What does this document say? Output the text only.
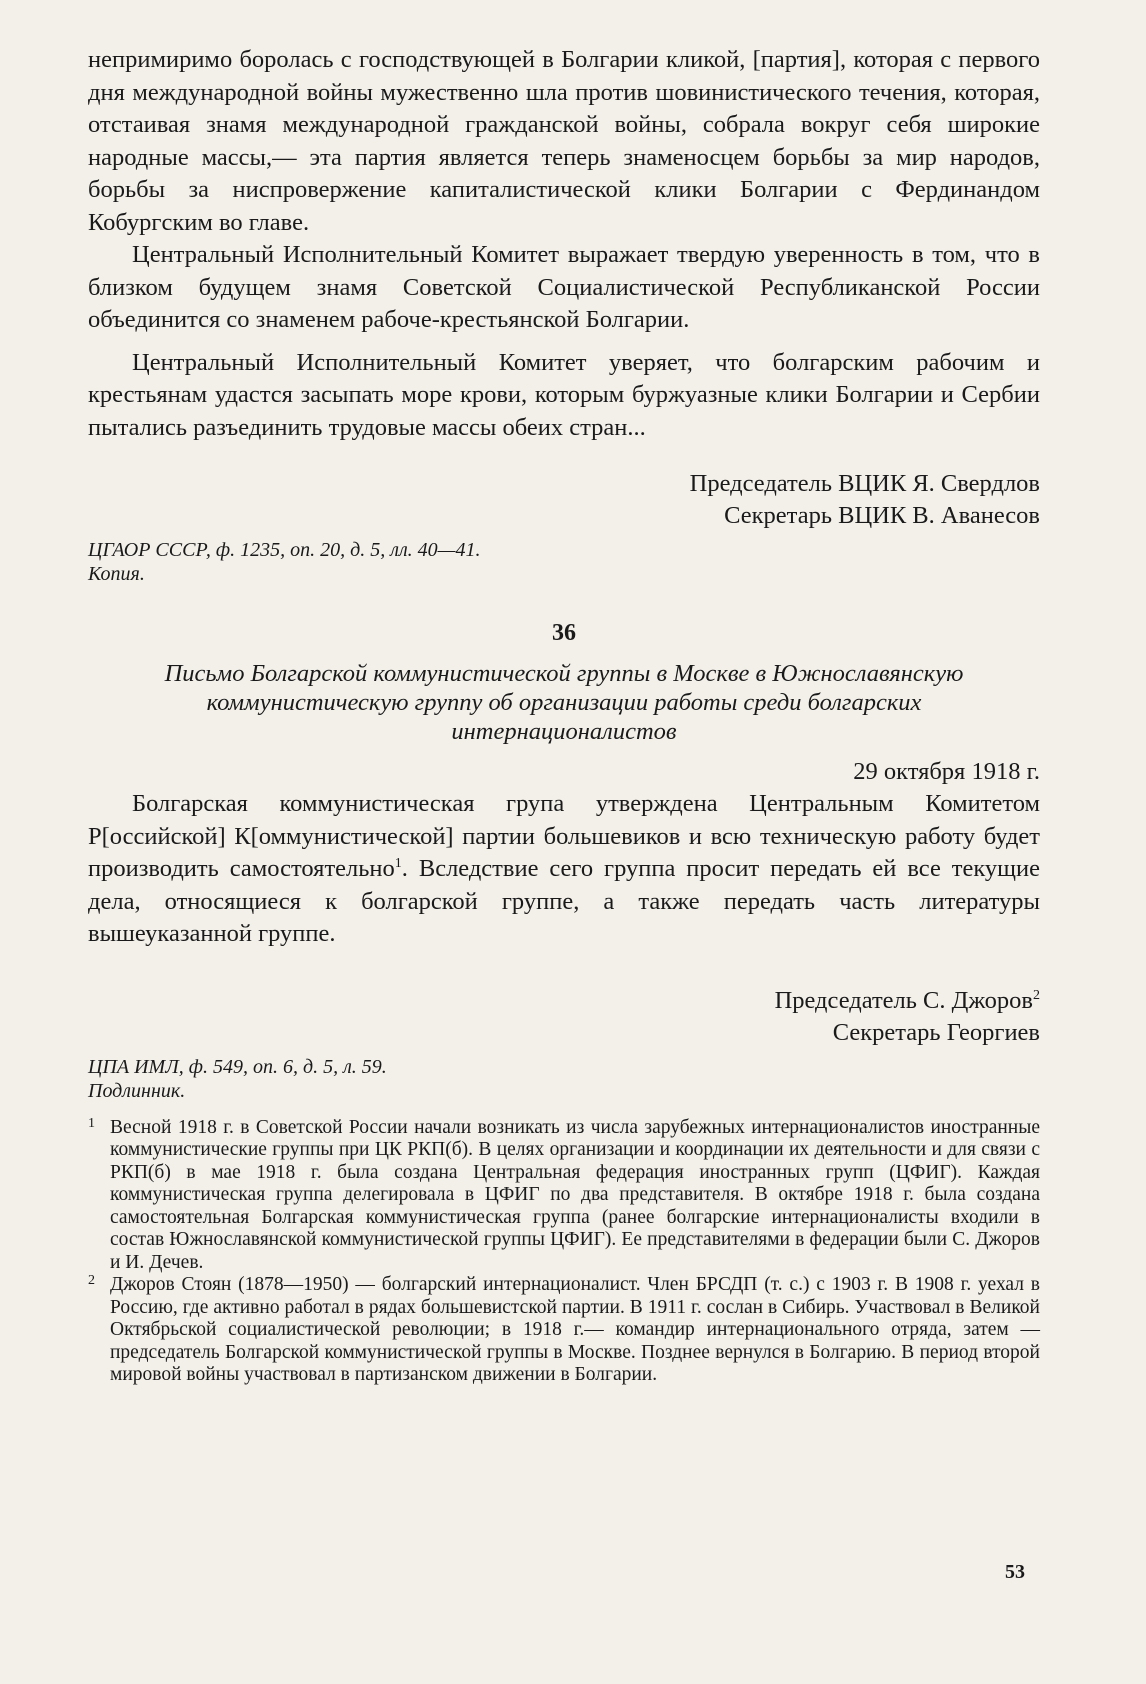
непримиримо боролась с господствующей в Болгарии кликой, [партия], которая с первого дня международной войны мужественно шла против шовинистического течения, которая, отстаивая знамя международной гражданской войны, собрала вокруг себя широкие народные массы,— эта партия является теперь знаменосцем борьбы за мир народов, борьбы за ниспровержение капиталистической клики Болгарии с Фердинандом Кобургским во главе.

Центральный Исполнительный Комитет выражает твердую уверенность в том, что в близком будущем знамя Советской Социалистической Республиканской России объединится со знаменем рабоче-крестьянской Болгарии.

Центральный Исполнительный Комитет уверяет, что болгарским рабочим и крестьянам удастся засыпать море крови, которым буржуазные клики Болгарии и Сербии пытались разъединить трудовые массы обеих стран...

Председатель ВЦИК Я. Свердлов

Секретарь ВЦИК В. Аванесов

ЦГАОР СССР, ф. 1235, оп. 20, д. 5, лл. 40—41.
Копия.
36

Письмо Болгарской коммунистической группы в Москве в Южнославянскую коммунистическую группу об организации работы среди болгарских интернационалистов

29 октября 1918 г.

Болгарская коммунистическая група утверждена Центральным Комитетом Р[оссийской] К[оммунистической] партии большевиков и всю техническую работу будет производить самостоятельно$^1$. Вследствие сего группа просит передать ей все текущие дела, относящиеся к болгарской группе, а также передать часть литературы вышеуказанной группе.

Председатель С. Джоров$^2$

Секретарь Георгиев

ЦПА ИМЛ, ф. 549, оп. 6, д. 5, л. 59.
Подлинник.
1 Весной 1918 г. в Советской России начали возникать из числа зарубежных интернационалистов иностранные коммунистические группы при ЦК РКП(б). В целях организации и координации их деятельности и для связи с РКП(б) в мае 1918 г. была создана Центральная федерация иностранных групп (ЦФИГ). Каждая коммунистическая группа делегировала в ЦФИГ по два представителя. В октябре 1918 г. была создана самостоятельная Болгарская коммунистическая группа (ранее болгарские интернационалисты входили в состав Южнославянской коммунистической группы ЦФИГ). Ее представителями в федерации были С. Джоров и И. Дечев.
2 Джоров Стоян (1878—1950) — болгарский интернационалист. Член БРСДП (т. с.) с 1903 г. В 1908 г. уехал в Россию, где активно работал в рядах большевистской партии. В 1911 г. сослан в Сибирь. Участвовал в Великой Октябрьской социалистической революции; в 1918 г.— командир интернационального отряда, затем — председатель Болгарской коммунистической группы в Москве. Позднее вернулся в Болгарию. В период второй мировой войны участвовал в партизанском движении в Болгарии.
53
